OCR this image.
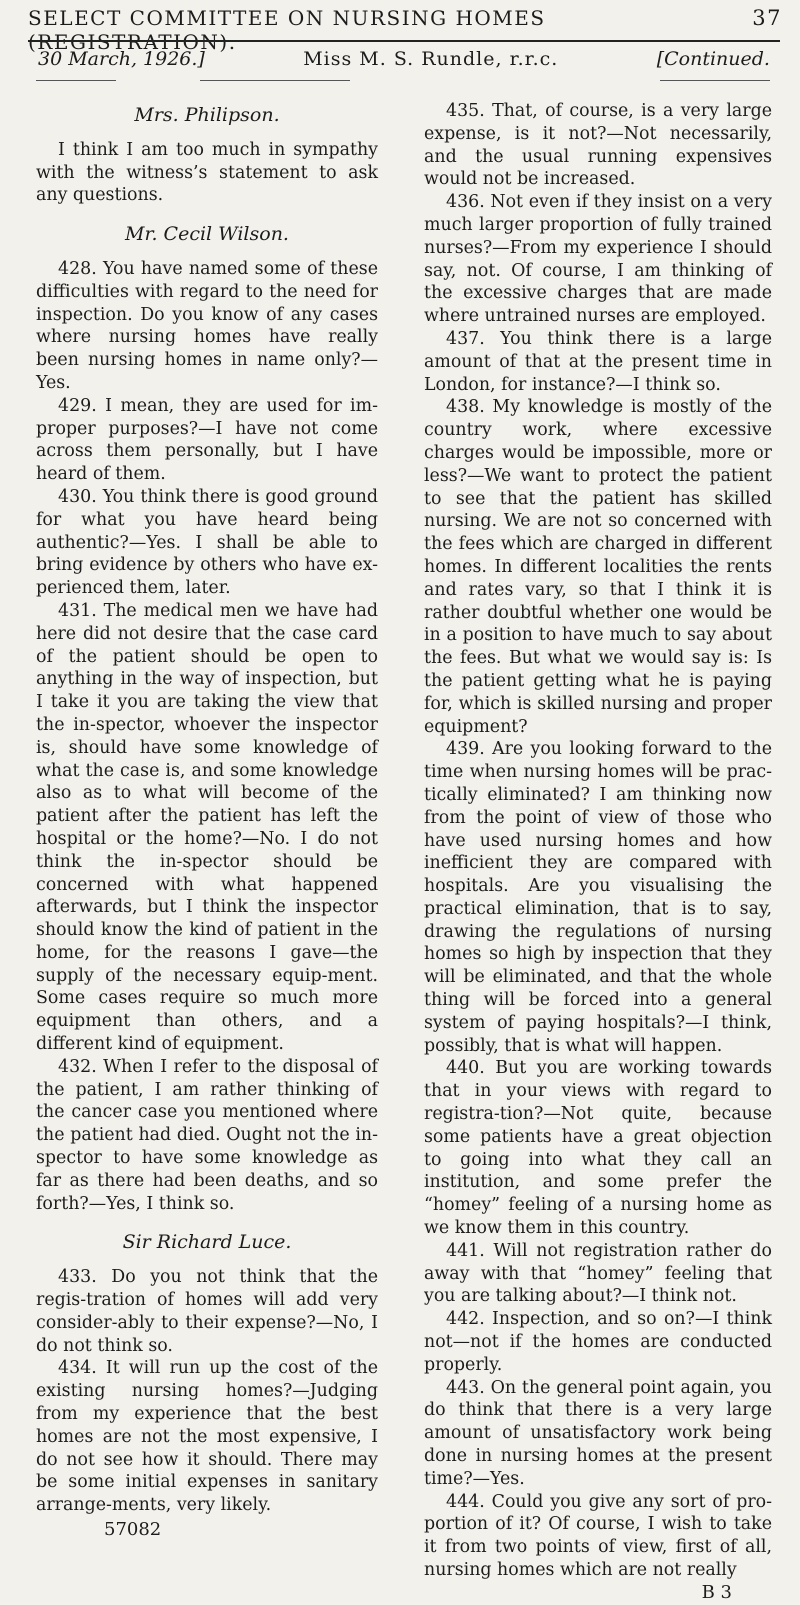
SELECT COMMITTEE ON NURSING HOMES (REGISTRATION).
37
30 March, 1926.]	Miss M. S. Rundle, r.r.c.	[Continued.
Mrs. Philipson.

I think I am too much in sympathy with the witness’s statement to ask any questions.

Mr. Cecil Wilson.

428. You have named some of these difficulties with regard to the need for inspection. Do you know of any cases where nursing homes have really been nursing homes in name only?—Yes.

429. I mean, they are used for im-proper purposes?—I have not come across them personally, but I have heard of them.

430. You think there is good ground for what you have heard being authentic?—Yes. I shall be able to bring evidence by others who have ex-perienced them, later.

431. The medical men we have had here did not desire that the case card of the patient should be open to anything in the way of inspection, but I take it you are taking the view that the in-spector, whoever the inspector is, should have some knowledge of what the case is, and some knowledge also as to what will become of the patient after the patient has left the hospital or the home?—No. I do not think the in-spector should be concerned with what happened afterwards, but I think the inspector should know the kind of patient in the home, for the reasons I gave—the supply of the necessary equip-ment. Some cases require so much more equipment than others, and a different kind of equipment.

432. When I refer to the disposal of the patient, I am rather thinking of the cancer case you mentioned where the patient had died. Ought not the in-spector to have some knowledge as far as there had been deaths, and so forth?—Yes, I think so.

Sir Richard Luce.

433. Do you not think that the regis-tration of homes will add very consider-ably to their expense?—No, I do not think so.

434. It will run up the cost of the existing nursing homes?—Judging from my experience that the best homes are not the most expensive, I do not see how it should. There may be some initial expenses in sanitary arrange-ments, very likely.

57082

435. That, of course, is a very large expense, is it not?—Not necessarily, and the usual running expensives would not be increased.

436. Not even if they insist on a very much larger proportion of fully trained nurses?—From my experience I should say, not. Of course, I am thinking of the excessive charges that are made where untrained nurses are employed.

437. You think there is a large amount of that at the present time in London, for instance?—I think so.

438. My knowledge is mostly of the country work, where excessive charges would be impossible, more or less?—We want to protect the patient to see that the patient has skilled nursing. We are not so concerned with the fees which are charged in different homes. In different localities the rents and rates vary, so that I think it is rather doubtful whether one would be in a position to have much to say about the fees. But what we would say is: Is the patient getting what he is paying for, which is skilled nursing and proper equipment?

439. Are you looking forward to the time when nursing homes will be prac-tically eliminated? I am thinking now from the point of view of those who have used nursing homes and how inefficient they are compared with hospitals. Are you visualising the practical elimination, that is to say, drawing the regulations of nursing homes so high by inspection that they will be eliminated, and that the whole thing will be forced into a general system of paying hospitals?—I think, possibly, that is what will happen.

440. But you are working towards that in your views with regard to registra-tion?—Not quite, because some patients have a great objection to going into what they call an institution, and some prefer the “homey” feeling of a nursing home as we know them in this country.

441. Will not registration rather do away with that “homey” feeling that you are talking about?—I think not.

442. Inspection, and so on?—I think not—not if the homes are conducted properly.

443. On the general point again, you do think that there is a very large amount of unsatisfactory work being done in nursing homes at the present time?—Yes.

444. Could you give any sort of pro-portion of it? Of course, I wish to take it from two points of view, first of all, nursing homes which are not really

B 3
